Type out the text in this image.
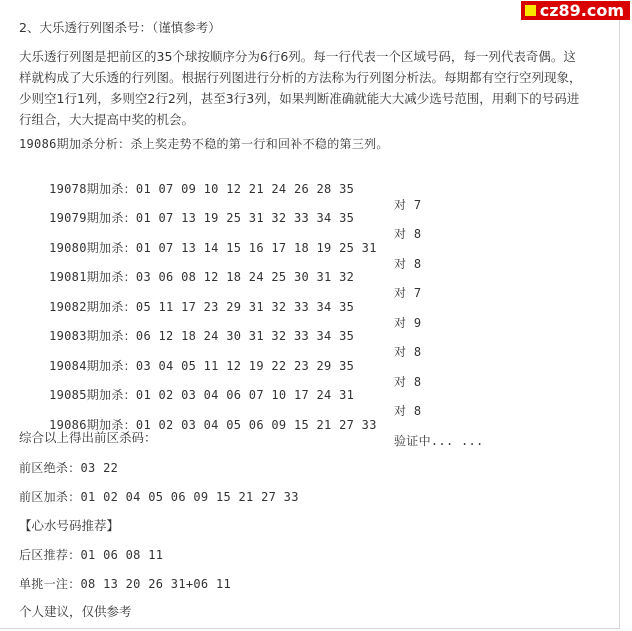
cz89.com
2、大乐透行列图杀号：（谨慎参考）
大乐透行列图是把前区的35个球按顺序分为6行6列。每一行代表一个区域号码，每一列代表奇偶。这
样就构成了大乐透的行列图。根据行列图进行分析的方法称为行列图分析法。每期都有空行空列现象，
少则空1行1列，多则空2行2列，甚至3行3列，如果判断准确就能大大减少选号范围，用剩下的号码进
行组合，大大提高中奖的机会。
19086期加杀分析：杀上奖走势不稳的第一行和回补不稳的第三列。

19078期加杀：01 07 09 10 12 21 24 26 28 35

对 7

19079期加杀：01 07 13 19 25 31 32 33 34 35

对 8

19080期加杀：01 07 13 14 15 16 17 18 19 25 31

对 8

19081期加杀：03 06 08 12 18 24 25 30 31 32

对 7

19082期加杀：05 11 17 23 29 31 32 33 34 35

对 9

19083期加杀：06 12 18 24 30 31 32 33 34 35

对 8

19084期加杀：03 04 05 11 12 19 22 23 29 35

对 8

19085期加杀：01 02 03 04 06 07 10 17 24 31

对 8

19086期加杀：01 02 03 04 05 06 09 15 21 27 33

验证中... ...

综合以上得出前区杀码：
前区绝杀：03 22
前区加杀：01 02 04 05 06 09 15 21 27 33
【心水号码推荐】
后区推荐：01 06 08 11
单挑一注：08 13 20 26 31+06 11
个人建议，仅供参考
